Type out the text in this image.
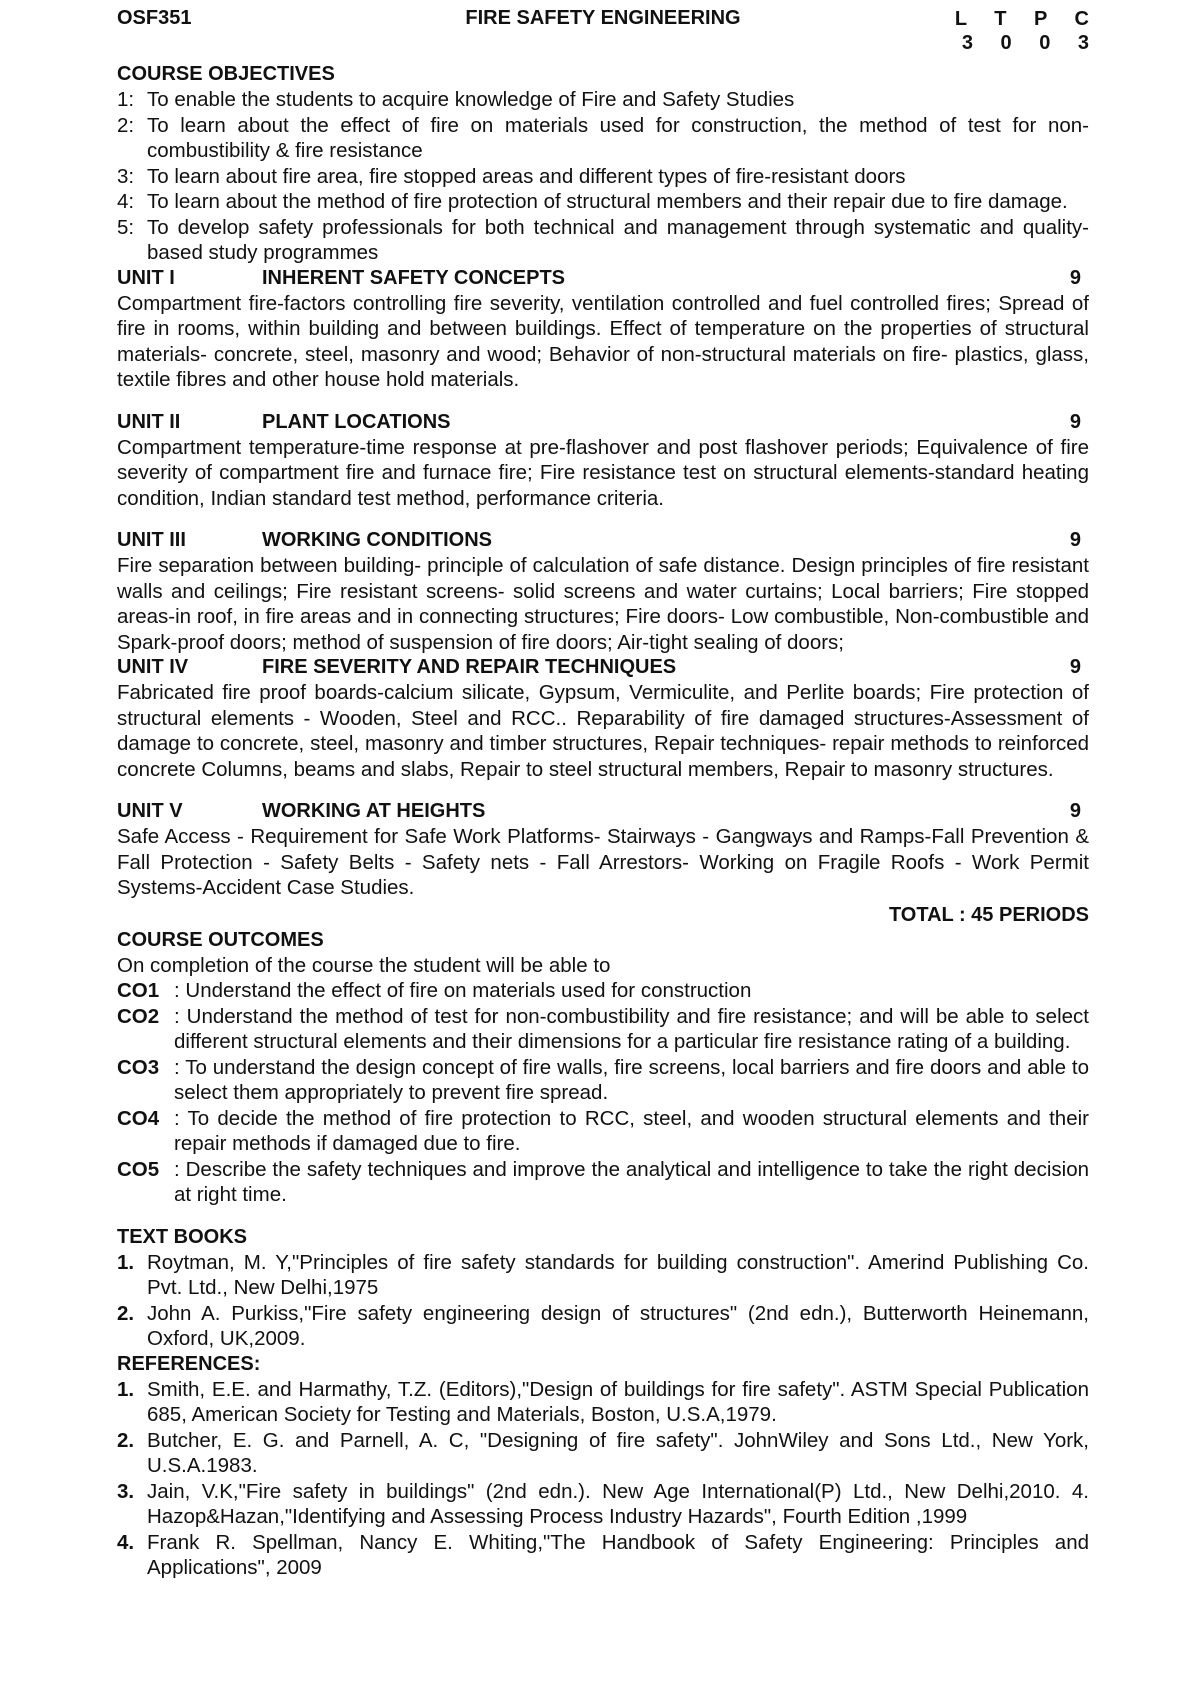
FIRE SAFETY ENGINEERING
OSF351	L T P C
3 0 0 3
COURSE OBJECTIVES
1: To enable the students to acquire knowledge of Fire and Safety Studies
2: To learn about the effect of fire on materials used for construction, the method of test for non-combustibility & fire resistance
3: To learn about fire area, fire stopped areas and different types of fire-resistant doors
4: To learn about the method of fire protection of structural members and their repair due to fire damage.
5: To develop safety professionals for both technical and management through systematic and quality-based study programmes
UNIT I	INHERENT SAFETY CONCEPTS	9

Compartment fire-factors controlling fire severity, ventilation controlled and fuel controlled fires; Spread of fire in rooms, within building and between buildings. Effect of temperature on the properties of structural materials- concrete, steel, masonry and wood; Behavior of non-structural materials on fire- plastics, glass, textile fibres and other house hold materials.

UNIT II	PLANT LOCATIONS	9

Compartment temperature-time response at pre-flashover and post flashover periods; Equivalence of fire severity of compartment fire and furnace fire; Fire resistance test on structural elements-standard heating condition, Indian standard test method, performance criteria.

UNIT III	WORKING CONDITIONS	9

Fire separation between building- principle of calculation of safe distance. Design principles of fire resistant walls and ceilings; Fire resistant screens- solid screens and water curtains; Local barriers; Fire stopped areas-in roof, in fire areas and in connecting structures; Fire doors- Low combustible, Non-combustible and Spark-proof doors; method of suspension of fire doors; Air-tight sealing of doors;

UNIT IV	FIRE SEVERITY AND REPAIR TECHNIQUES	9

Fabricated fire proof boards-calcium silicate, Gypsum, Vermiculite, and Perlite boards; Fire protection of structural elements - Wooden, Steel and RCC.. Reparability of fire damaged structures-Assessment of damage to concrete, steel, masonry and timber structures, Repair techniques- repair methods to reinforced concrete Columns, beams and slabs, Repair to steel structural members, Repair to masonry structures.

UNIT V	WORKING AT HEIGHTS	9

Safe Access - Requirement for Safe Work Platforms- Stairways - Gangways and Ramps-Fall Prevention & Fall Protection - Safety Belts - Safety nets - Fall Arrestors- Working on Fragile Roofs - Work Permit Systems-Accident Case Studies.

TOTAL : 45 PERIODS
COURSE OUTCOMES

On completion of the course the student will be able to

CO1 : Understand the effect of fire on materials used for construction
CO2 : Understand the method of test for non-combustibility and fire resistance; and will be able to select different structural elements and their dimensions for a particular fire resistance rating of a building.
CO3 : To understand the design concept of fire walls, fire screens, local barriers and fire doors and able to select them appropriately to prevent fire spread.
CO4 : To decide the method of fire protection to RCC, steel, and wooden structural elements and their repair methods if damaged due to fire.
CO5 : Describe the safety techniques and improve the analytical and intelligence to take the right decision at right time.
TEXT BOOKS
1. Roytman, M. Y,"Principles of fire safety standards for building construction". Amerind Publishing Co. Pvt. Ltd., New Delhi,1975
2. John A. Purkiss,"Fire safety engineering design of structures" (2nd edn.), Butterworth Heinemann, Oxford, UK,2009.
REFERENCES:
1. Smith, E.E. and Harmathy, T.Z. (Editors),"Design of buildings for fire safety". ASTM Special Publication 685, American Society for Testing and Materials, Boston, U.S.A,1979.
2. Butcher, E. G. and Parnell, A. C, "Designing of fire safety". JohnWiley and Sons Ltd., New York, U.S.A.1983.
3. Jain, V.K,"Fire safety in buildings" (2nd edn.). New Age International(P) Ltd., New Delhi,2010. 4. Hazop&Hazan,"Identifying and Assessing Process Industry Hazards", Fourth Edition ,1999
4. Frank R. Spellman, Nancy E. Whiting,"The Handbook of Safety Engineering: Principles and Applications", 2009
